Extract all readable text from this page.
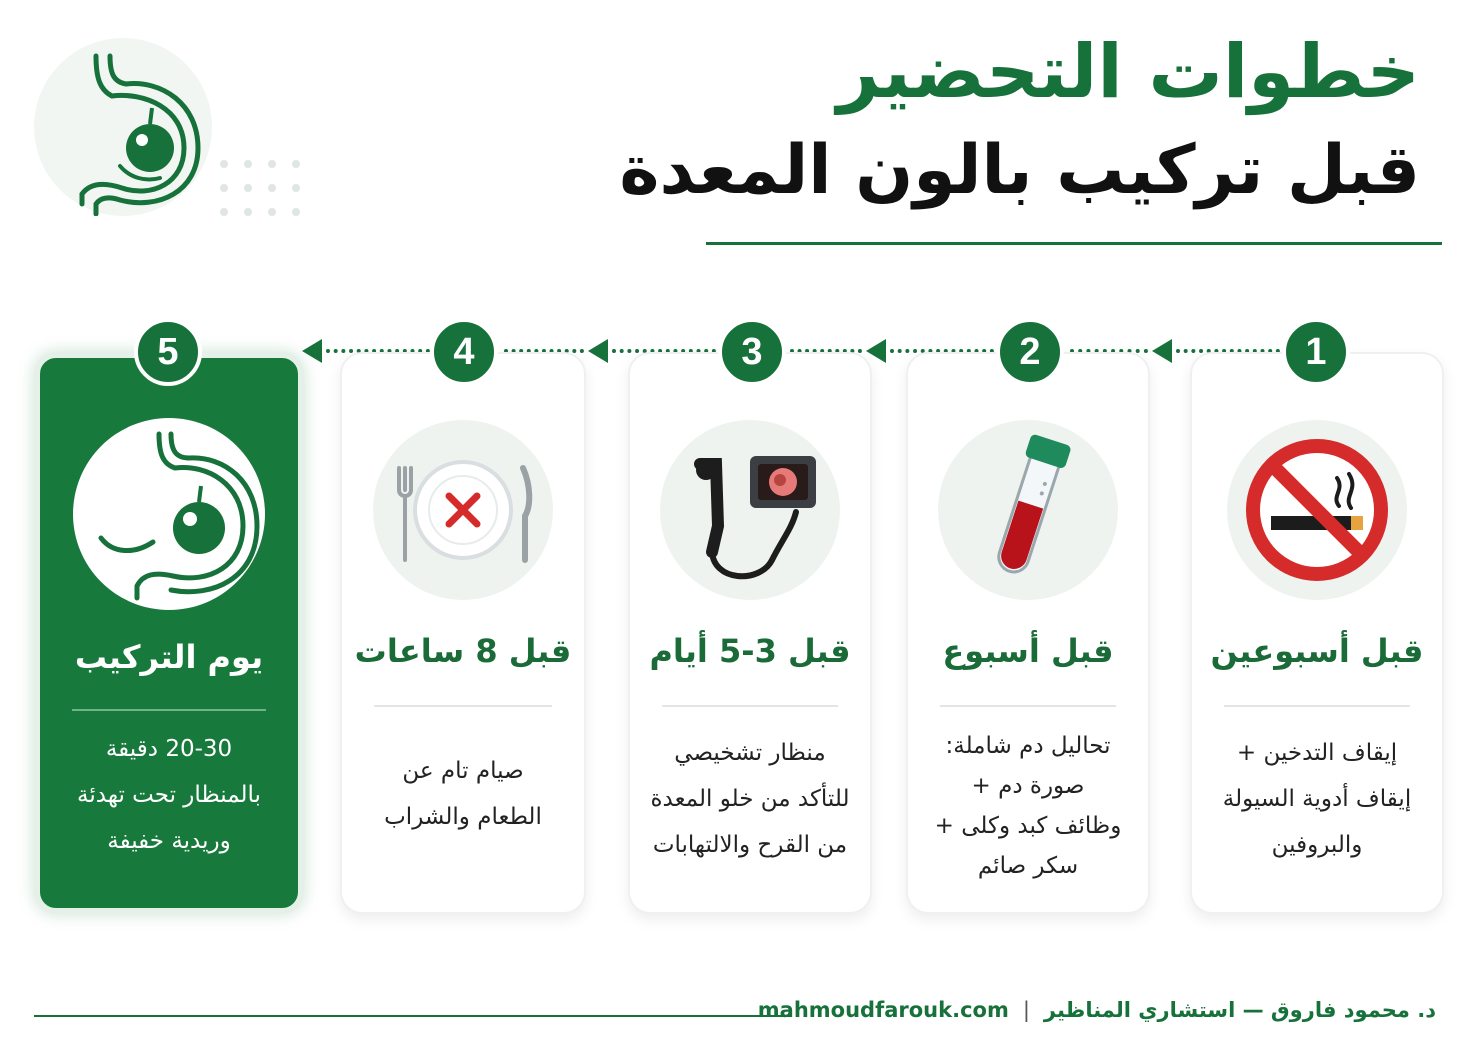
خطوات التحضير
قبل تركيب بالون المعدة
قبل أسبوعين
إيقاف التدخين +
إيقاف أدوية السيولة
والبروفين
قبل أسبوع
تحاليل دم شاملة:
صورة دم +
وظائف كبد وكلى +
سكر صائم
قبل 3-5 أيام
منظار تشخيصي
للتأكد من خلو المعدة
من القرح والالتهابات
قبل 8 ساعات
صيام تام عن
الطعام والشراب
يوم التركيب
20-30 دقيقة
بالمنظار تحت تهدئة
وريدية خفيفة
1
2
3
4
5
mahmoudfarouk.com | د. محمود فاروق — استشاري المناظير
